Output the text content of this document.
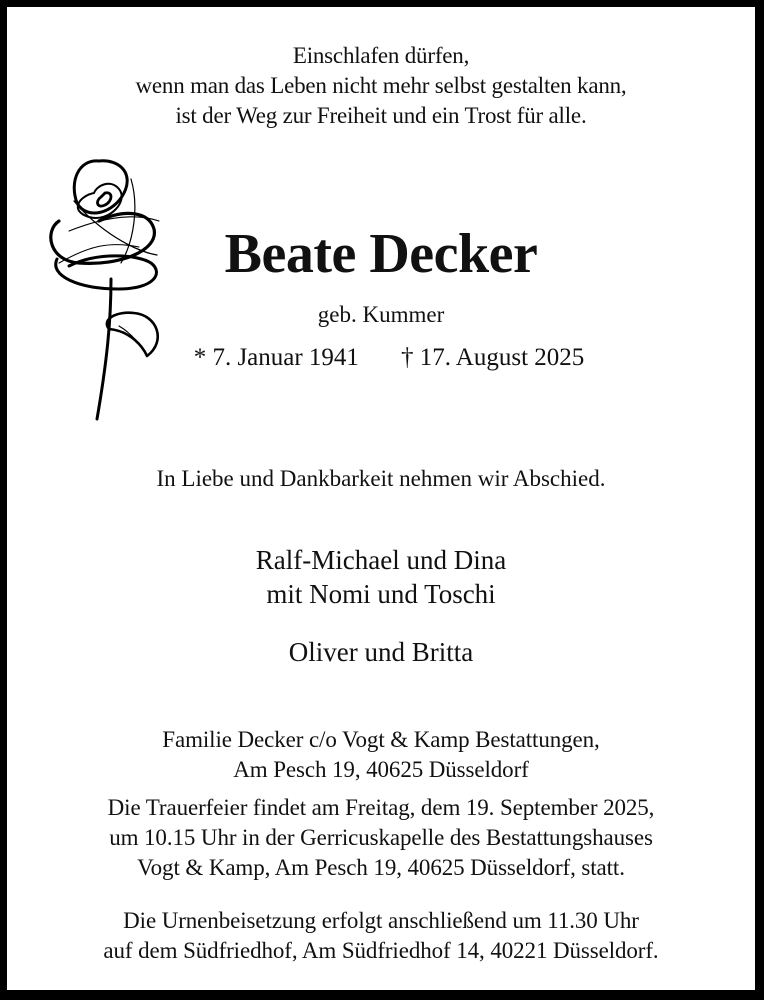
Einschlafen dürfen,
wenn man das Leben nicht mehr selbst gestalten kann,
ist der Weg zur Freiheit und ein Trost für alle.
Beate Decker
geb. Kummer
* 7. Januar 1941 † 17. August 2025
In Liebe und Dankbarkeit nehmen wir Abschied.
Ralf-Michael und Dina
mit Nomi und Toschi
Oliver und Britta
Familie Decker c/o Vogt & Kamp Bestattungen,
Am Pesch 19, 40625 Düsseldorf
Die Trauerfeier findet am Freitag, dem 19. September 2025,
um 10.15 Uhr in der Gerricuskapelle des Bestattungshauses
Vogt & Kamp, Am Pesch 19, 40625 Düsseldorf, statt.
Die Urnenbeisetzung erfolgt anschließend um 11.30 Uhr
auf dem Südfriedhof, Am Südfriedhof 14, 40221 Düsseldorf.
